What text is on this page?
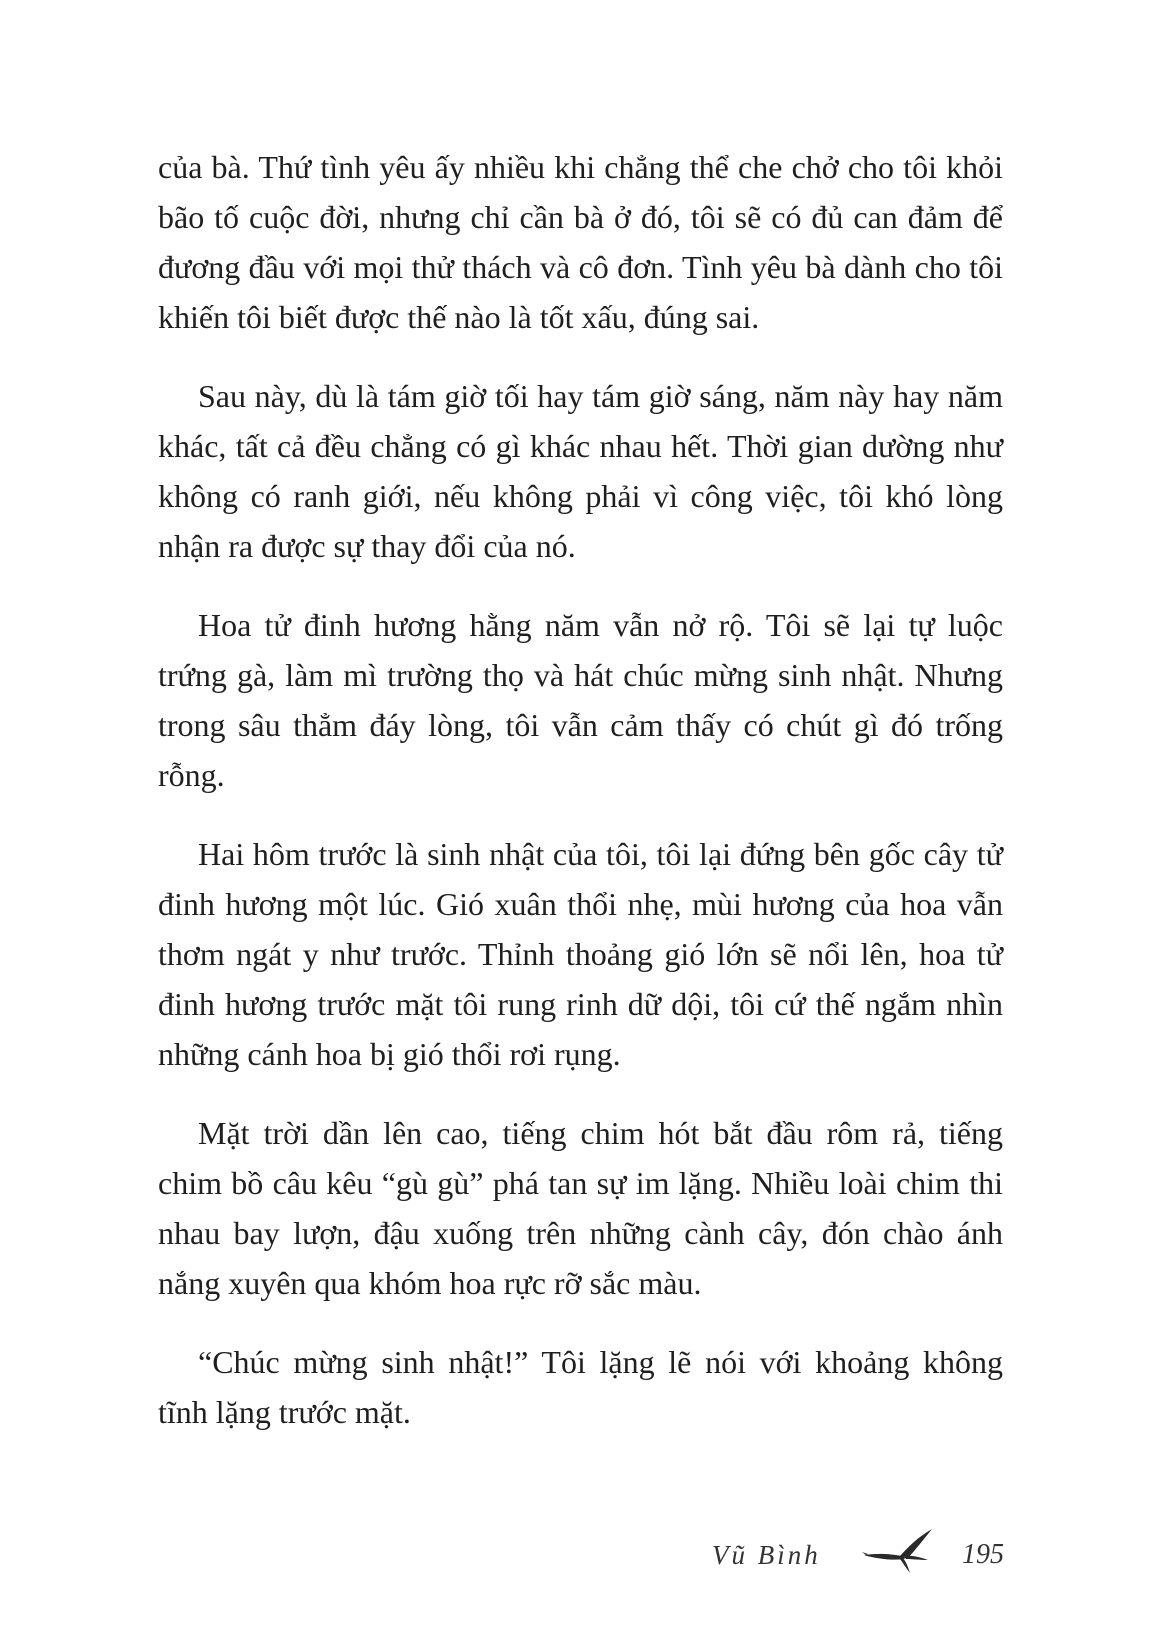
của bà. Thứ tình yêu ấy nhiều khi chẳng thể che chở cho tôi khỏi bão tố cuộc đời, nhưng chỉ cần bà ở đó, tôi sẽ có đủ can đảm để đương đầu với mọi thử thách và cô đơn. Tình yêu bà dành cho tôi khiến tôi biết được thế nào là tốt xấu, đúng sai.

Sau này, dù là tám giờ tối hay tám giờ sáng, năm này hay năm khác, tất cả đều chẳng có gì khác nhau hết. Thời gian dường như không có ranh giới, nếu không phải vì công việc, tôi khó lòng nhận ra được sự thay đổi của nó.

Hoa tử đinh hương hằng năm vẫn nở rộ. Tôi sẽ lại tự luộc trứng gà, làm mì trường thọ và hát chúc mừng sinh nhật. Nhưng trong sâu thẳm đáy lòng, tôi vẫn cảm thấy có chút gì đó trống rỗng.

Hai hôm trước là sinh nhật của tôi, tôi lại đứng bên gốc cây tử đinh hương một lúc. Gió xuân thổi nhẹ, mùi hương của hoa vẫn thơm ngát y như trước. Thỉnh thoảng gió lớn sẽ nổi lên, hoa tử đinh hương trước mặt tôi rung rinh dữ dội, tôi cứ thế ngắm nhìn những cánh hoa bị gió thổi rơi rụng.

Mặt trời dần lên cao, tiếng chim hót bắt đầu rôm rả, tiếng chim bồ câu kêu “gù gù” phá tan sự im lặng. Nhiều loài chim thi nhau bay lượn, đậu xuống trên những cành cây, đón chào ánh nắng xuyên qua khóm hoa rực rỡ sắc màu.

“Chúc mừng sinh nhật!” Tôi lặng lẽ nói với khoảng không tĩnh lặng trước mặt.

Vũ Bình	195
